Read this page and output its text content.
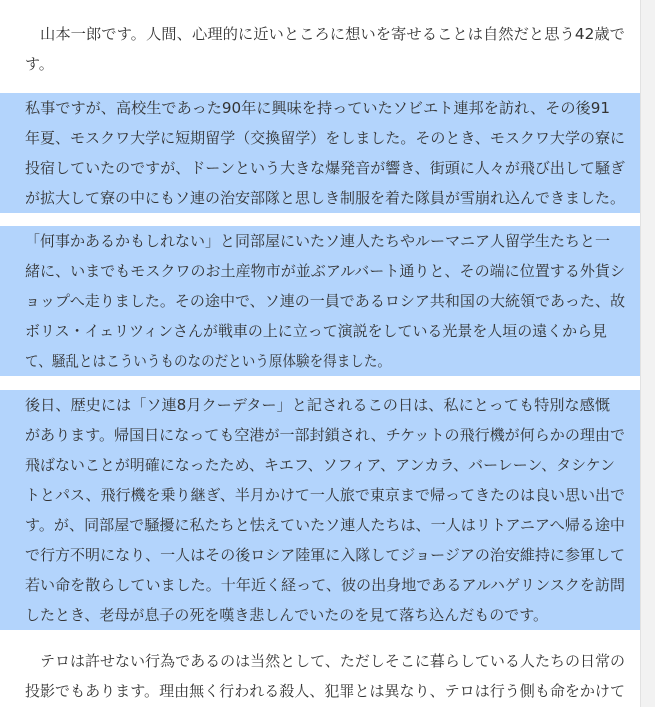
山本一郎です。人間、心理的に近いところに想いを寄せることは自然だと思う42歳で
す。
私事ですが、高校生であった90年に興味を持っていたソビエト連邦を訪れ、その後91
年夏、モスクワ大学に短期留学（交換留学）をしました。そのとき、モスクワ大学の寮に
投宿していたのですが、ドーンという大きな爆発音が響き、街頭に人々が飛び出して騒ぎ
が拡大して寮の中にもソ連の治安部隊と思しき制服を着た隊員が雪崩れ込んできました。
「何事かあるかもしれない」と同部屋にいたソ連人たちやルーマニア人留学生たちと一
緒に、いまでもモスクワのお土産物市が並ぶアルバート通りと、その端に位置する外貨シ
ョップへ走りました。その途中で、ソ連の一員であるロシア共和国の大統領であった、故
ボリス・イェリツィンさんが戦車の上に立って演説をしている光景を人垣の遠くから見
て、騒乱とはこういうものなのだという原体験を得ました。
後日、歴史には「ソ連8月クーデター」と記されるこの日は、私にとっても特別な感慨
があります。帰国日になっても空港が一部封鎖され、チケットの飛行機が何らかの理由で
飛ばないことが明確になったため、キエフ、ソフィア、アンカラ、バーレーン、タシケン
トとパス、飛行機を乗り継ぎ、半月かけて一人旅で東京まで帰ってきたのは良い思い出で
す。が、同部屋で騒擾に私たちと怯えていたソ連人たちは、一人はリトアニアへ帰る途中
で行方不明になり、一人はその後ロシア陸軍に入隊してジョージアの治安維持に参軍して
若い命を散らしていました。十年近く経って、彼の出身地であるアルハゲリンスクを訪問
したとき、老母が息子の死を嘆き悲しんでいたのを見て落ち込んだものです。
テロは許せない行為であるのは当然として、ただしそこに暮らしている人たちの日常の
投影でもあります。理由無く行われる殺人、犯罪とは異なり、テロは行う側も命をかけて
